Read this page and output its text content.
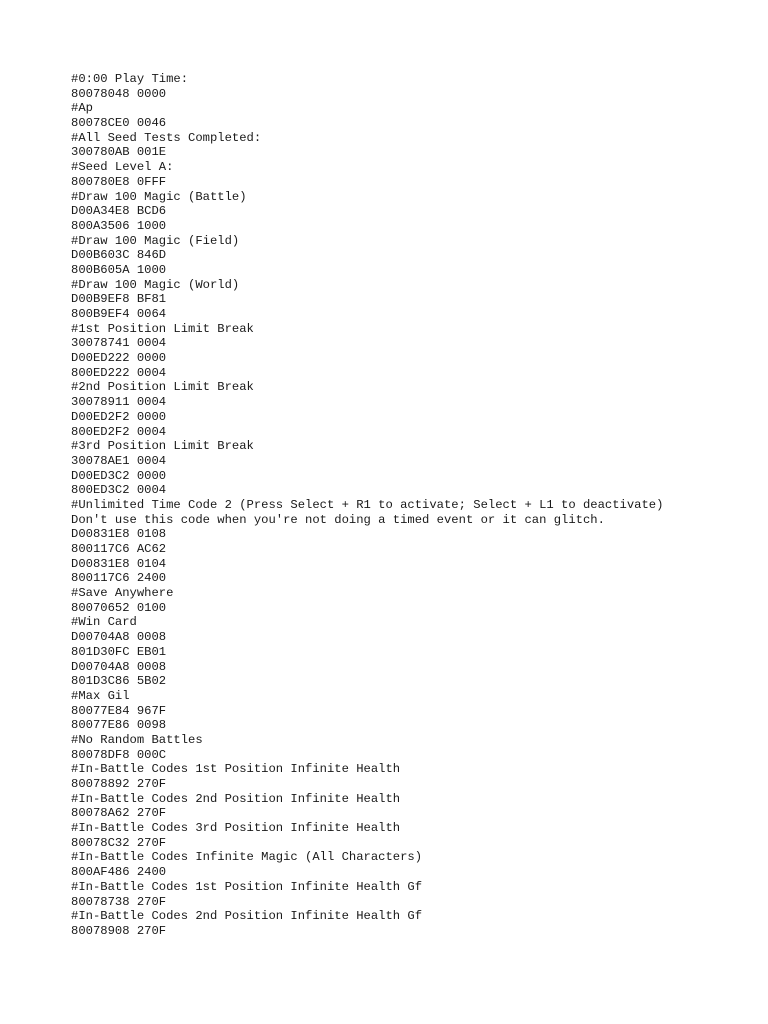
#0:00 Play Time:
80078048 0000
#Ap
80078CE0 0046
#All Seed Tests Completed:
300780AB 001E
#Seed Level A:
800780E8 0FFF
#Draw 100 Magic (Battle)
D00A34E8 BCD6
800A3506 1000
#Draw 100 Magic (Field)
D00B603C 846D
800B605A 1000
#Draw 100 Magic (World)
D00B9EF8 BF81
800B9EF4 0064
#1st Position Limit Break
30078741 0004
D00ED222 0000
800ED222 0004
#2nd Position Limit Break
30078911 0004
D00ED2F2 0000
800ED2F2 0004
#3rd Position Limit Break
30078AE1 0004
D00ED3C2 0000
800ED3C2 0004
#Unlimited Time Code 2 (Press Select + R1 to activate; Select + L1 to deactivate)
Don't use this code when you're not doing a timed event or it can glitch.
D00831E8 0108
800117C6 AC62
D00831E8 0104
800117C6 2400
#Save Anywhere
80070652 0100
#Win Card
D00704A8 0008
801D30FC EB01
D00704A8 0008
801D3C86 5B02
#Max Gil
80077E84 967F
80077E86 0098
#No Random Battles
80078DF8 000C
#In-Battle Codes 1st Position Infinite Health
80078892 270F
#In-Battle Codes 2nd Position Infinite Health
80078A62 270F
#In-Battle Codes 3rd Position Infinite Health
80078C32 270F
#In-Battle Codes Infinite Magic (All Characters)
800AF486 2400
#In-Battle Codes 1st Position Infinite Health Gf
80078738 270F
#In-Battle Codes 2nd Position Infinite Health Gf
80078908 270F
